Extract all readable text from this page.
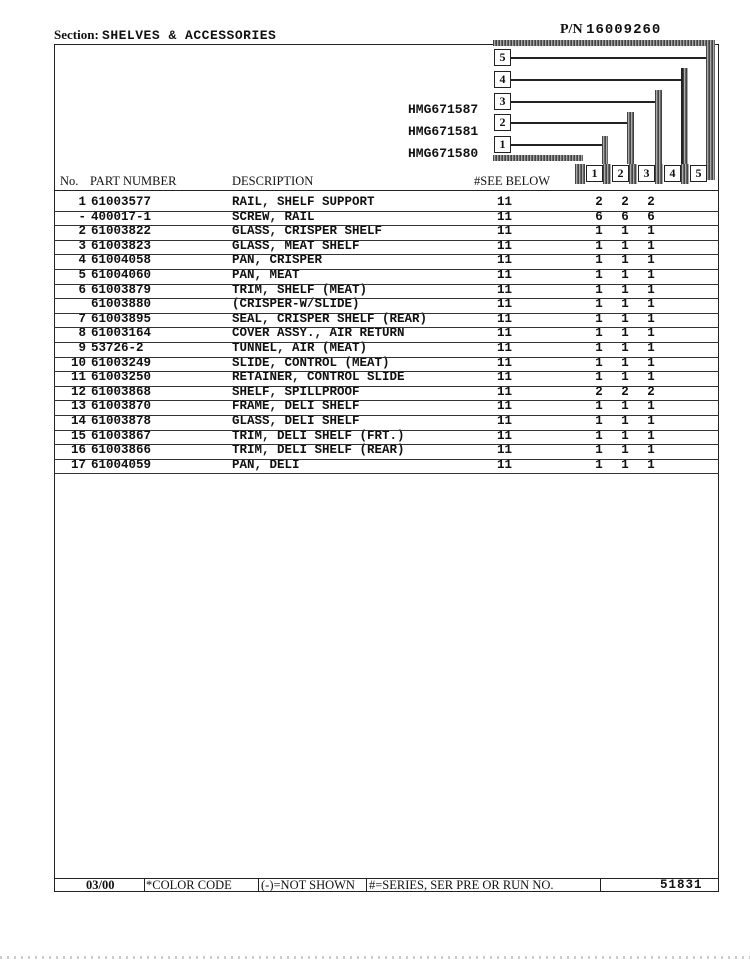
Section: SHELVES & ACCESSORIES	P/N 16009260
5
4
3
2
1
HMG671587
HMG671581
HMG671580
1	2	3	4	5
No. PART NUMBER	DESCRIPTION	#SEE BELOW
1 61003577	RAIL, SHELF SUPPORT	11	2 2 2
- 400017-1	SCREW, RAIL	11	6 6 6
2 61003822	GLASS, CRISPER SHELF	11	1 1 1
3 61003823	GLASS, MEAT SHELF	11	1 1 1
4 61004058	PAN, CRISPER	11	1 1 1
5 61004060	PAN, MEAT	11	1 1 1
6 61003879	TRIM, SHELF (MEAT)	11	1 1 1
61003880	(CRISPER-W/SLIDE)	11	1 1 1
7 61003895	SEAL, CRISPER SHELF (REAR)	11	1 1 1
8 61003164	COVER ASSY., AIR RETURN	11	1 1 1
9 53726-2	TUNNEL, AIR (MEAT)	11	1 1 1
10 61003249	SLIDE, CONTROL (MEAT)	11	1 1 1
11 61003250	RETAINER, CONTROL SLIDE	11	1 1 1
12 61003868	SHELF, SPILLPROOF	11	2 2 2
13 61003870	FRAME, DELI SHELF	11	1 1 1
14 61003878	GLASS, DELI SHELF	11	1 1 1
15 61003867	TRIM, DELI SHELF (FRT.)	11	1 1 1
16 61003866	TRIM, DELI SHELF (REAR)	11	1 1 1
17 61004059	PAN, DELI	11	1 1 1
03/00	*COLOR CODE (-)=NOT SHOWN #=SERIES, SER PRE OR RUN NO.	51831
